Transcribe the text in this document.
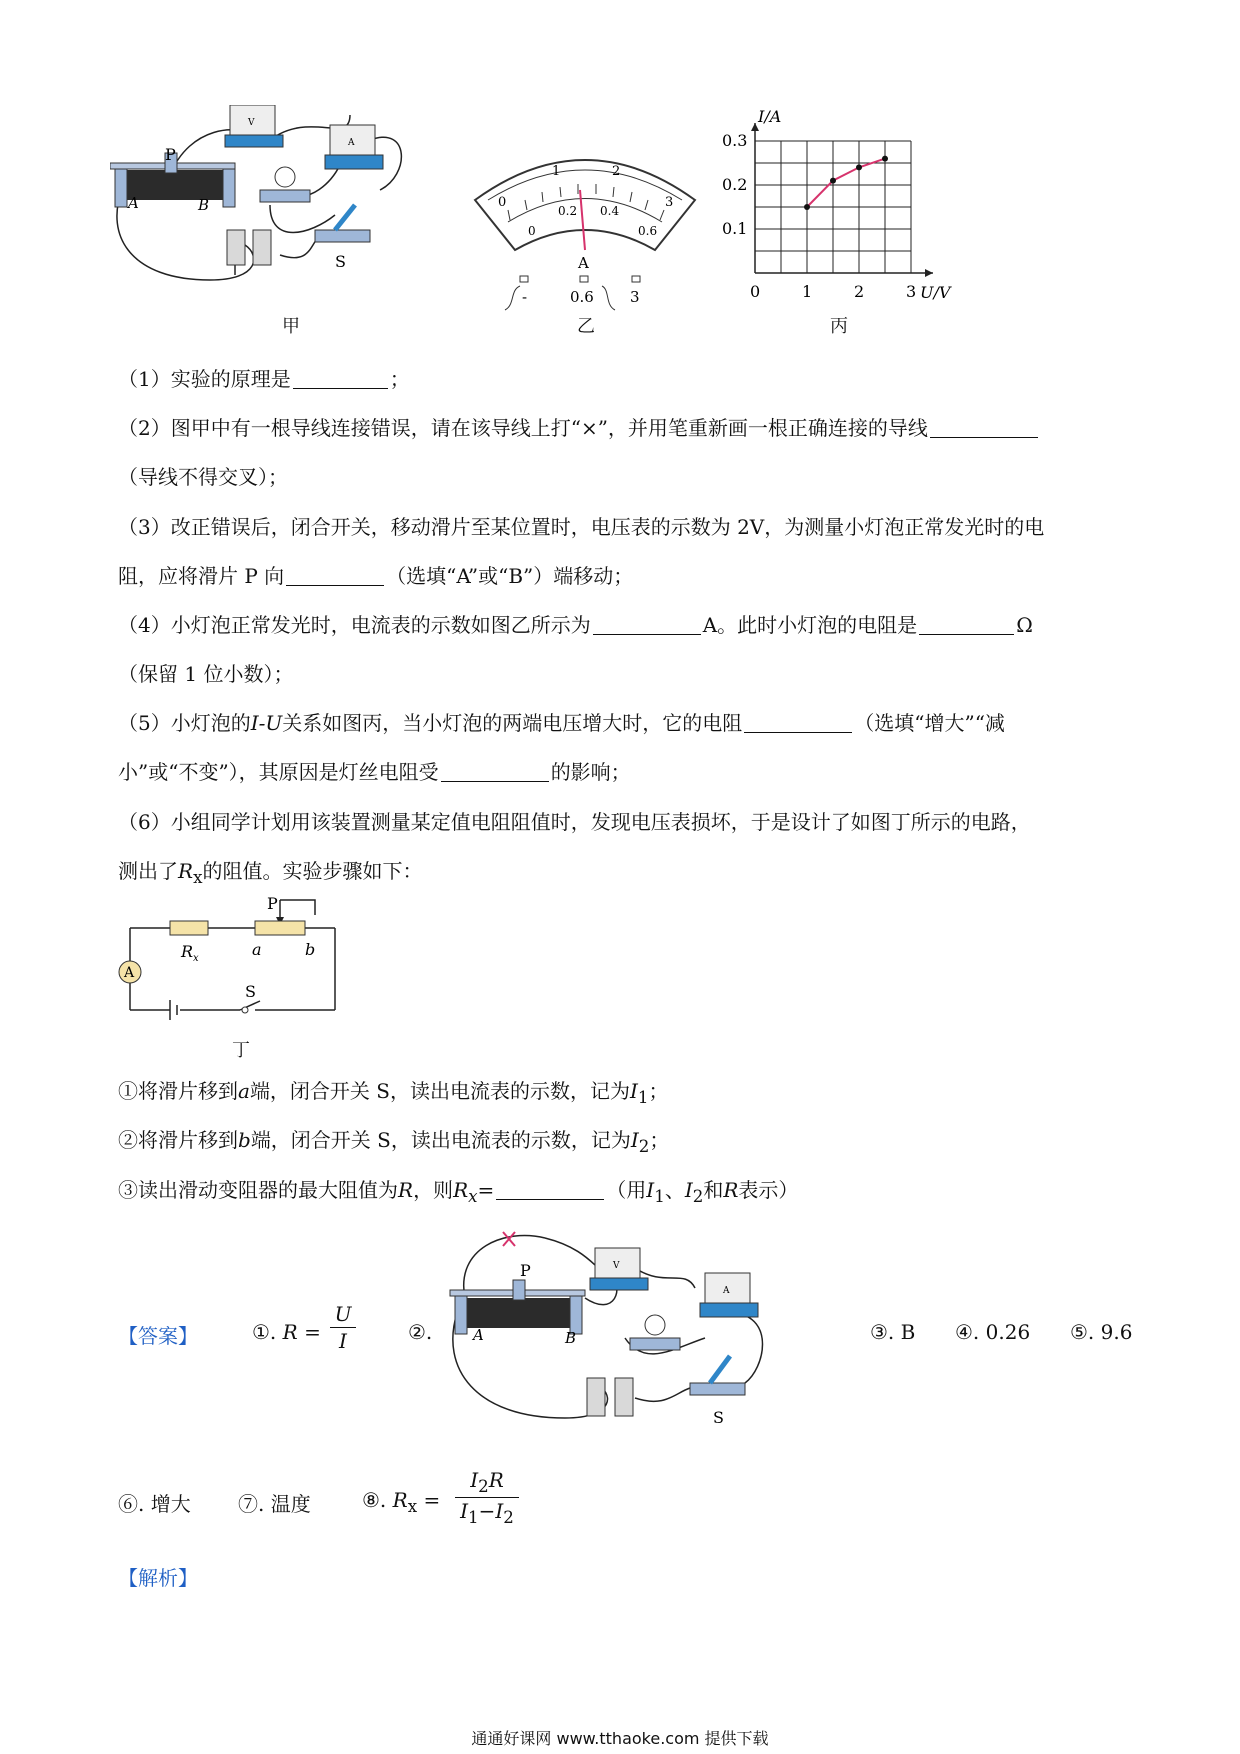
P
A	B
S
V
A
甲
0
1	2
3
0
0.2 0.4
0.6
A
-	0.6 3
乙
0	1	2	3
0.1
0.2
0.3
I/A
U/V
丙
（1）实验的原理是	；
（2）图甲中有一根导线连接错误，请在该导线上打“×”，并用笔重新画一根正确连接的导线
（导线不得交叉）；
（3）改正错误后，闭合开关，移动滑片至某位置时，电压表的示数为 2V，为测量小灯泡正常发光时的电
阻，应将滑片 P 向	（选填“A”或“B”）端移动；
（4）小灯泡正常发光时，电流表的示数如图乙所示为	A。此时小灯泡的电阻是	Ω
（保留 1 位小数）；
（5）小灯泡的I-U关系如图丙，当小灯泡的两端电压增大时，它的电阻	（选填“增大”“减
小”或“不变”），其原因是灯丝电阻受	的影响；
（6）小组同学计划用该装置测量某定值电阻阻值时，发现电压表损坏，于是设计了如图丁所示的电路，
测出了$R_x$的阻值。实验步骤如下：
P
R x	a	b
A
S
丁
①将滑片移到a端，闭合开关 S，读出电流表的示数，记为$I_1$；
②将滑片移到b端，闭合开关 S，读出电流表的示数，记为$I_2$；
③读出滑动变阻器的最大阻值为R，则$R_x=$	（用$I_1$、$I_2$和R表示）
【答案】	①. R =
U
I	②.
P
A	B
S
V
A
③. B ④. 0.26 ⑤. 9.6
⑥. 增大 ⑦. 温度	⑧. $R_x$ =
$I_2R$
$I_1-I_2$
【解析】
通通好课网 www.tthaoke.com 提供下载
